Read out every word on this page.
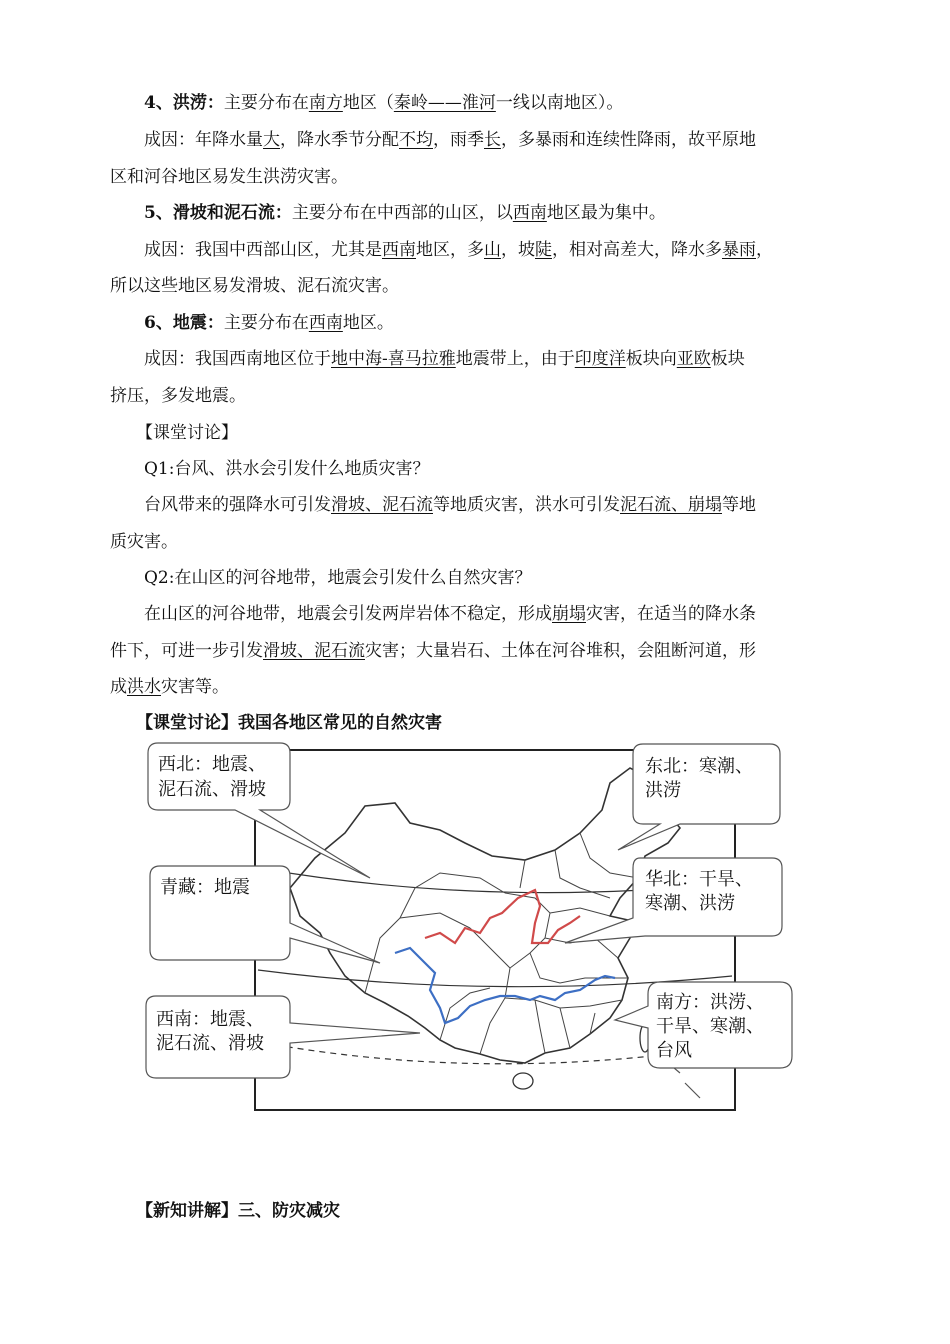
4、洪涝：主要分布在南方地区（秦岭——淮河一线以南地区）。
成因：年降水量大，降水季节分配不均，雨季长，多暴雨和连续性降雨，故平原地
区和河谷地区易发生洪涝灾害。
5、滑坡和泥石流：主要分布在中西部的山区，以西南地区最为集中。
成因：我国中西部山区，尤其是西南地区，多山，坡陡，相对高差大，降水多暴雨，
所以这些地区易发滑坡、泥石流灾害。
6、地震：主要分布在西南地区。
成因：我国西南地区位于地中海-喜马拉雅地震带上，由于印度洋板块向亚欧板块
挤压，多发地震。
【课堂讨论】
Q1:台风、洪水会引发什么地质灾害？
台风带来的强降水可引发滑坡、泥石流等地质灾害，洪水可引发泥石流、崩塌等地
质灾害。
Q2:在山区的河谷地带，地震会引发什么自然灾害？
在山区的河谷地带，地震会引发两岸岩体不稳定，形成崩塌灾害，在适当的降水条
件下，可进一步引发滑坡、泥石流灾害；大量岩石、土体在河谷堆积，会阻断河道，形
成洪水灾害等。
【课堂讨论】我国各地区常见的自然灾害
西北：地震、
泥石流、滑坡
东北：寒潮、
洪涝
青藏：地震	华北：干旱、
寒潮、洪涝
西南：地震、
泥石流、滑坡
南方：洪涝、
干旱、寒潮、
台风
【新知讲解】三、防灾减灾
